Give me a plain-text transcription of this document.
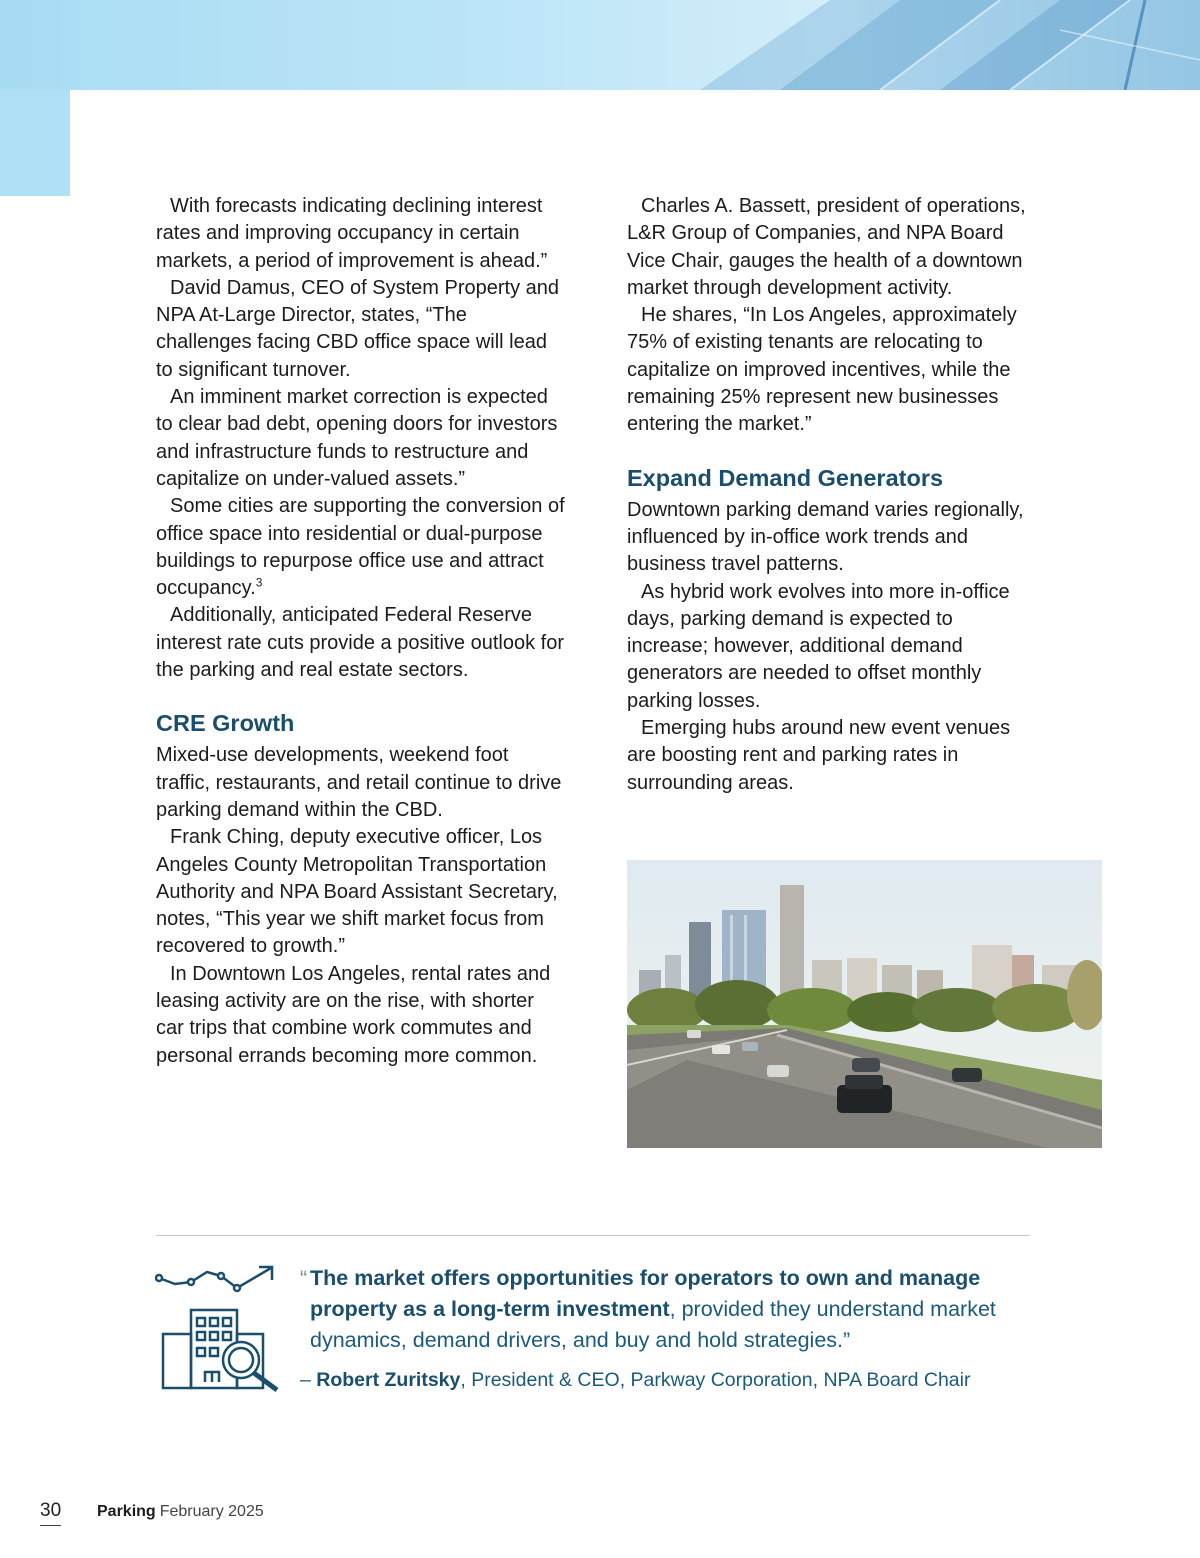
With forecasts indicating declining interest rates and improving occupancy in certain markets, a period of improvement is ahead.”

David Damus, CEO of System Property and NPA At-Large Director, states, “The challenges facing CBD office space will lead to significant turnover.

An imminent market correction is expected to clear bad debt, opening doors for investors and infrastructure funds to restructure and capitalize on under-valued assets.”

Some cities are supporting the conversion of office space into residential or dual-purpose buildings to repurpose office use and attract occupancy.$^3$

Additionally, anticipated Federal Reserve interest rate cuts provide a positive outlook for the parking and real estate sectors.

CRE Growth

Mixed-use developments, weekend foot traffic, restaurants, and retail continue to drive parking demand within the CBD.

Frank Ching, deputy executive officer, Los Angeles County Metropolitan Transportation Authority and NPA Board Assistant Secretary, notes, “This year we shift market focus from recovered to growth.”

In Downtown Los Angeles, rental rates and leasing activity are on the rise, with shorter car trips that combine work commutes and personal errands becoming more common.

Charles A. Bassett, president of operations, L&R Group of Companies, and NPA Board Vice Chair, gauges the health of a downtown market through development activity.

He shares, “In Los Angeles, approximately 75% of existing tenants are relocating to capitalize on improved incentives, while the remaining 25% represent new businesses entering the market.”

Expand Demand Generators

Downtown parking demand varies regionally, influenced by in-office work trends and business travel patterns.

As hybrid work evolves into more in-office days, parking demand is expected to increase; however, additional demand generators are needed to offset monthly parking losses.

Emerging hubs around new event venues are boosting rent and parking rates in surrounding areas.

“ The market offers opportunities for operators to own and manage property as a long-term investment, provided they understand market dynamics, demand drivers, and buy and hold strategies.”
– Robert Zuritsky, President & CEO, Parkway Corporation, NPA Board Chair
30 Parking February 2025
